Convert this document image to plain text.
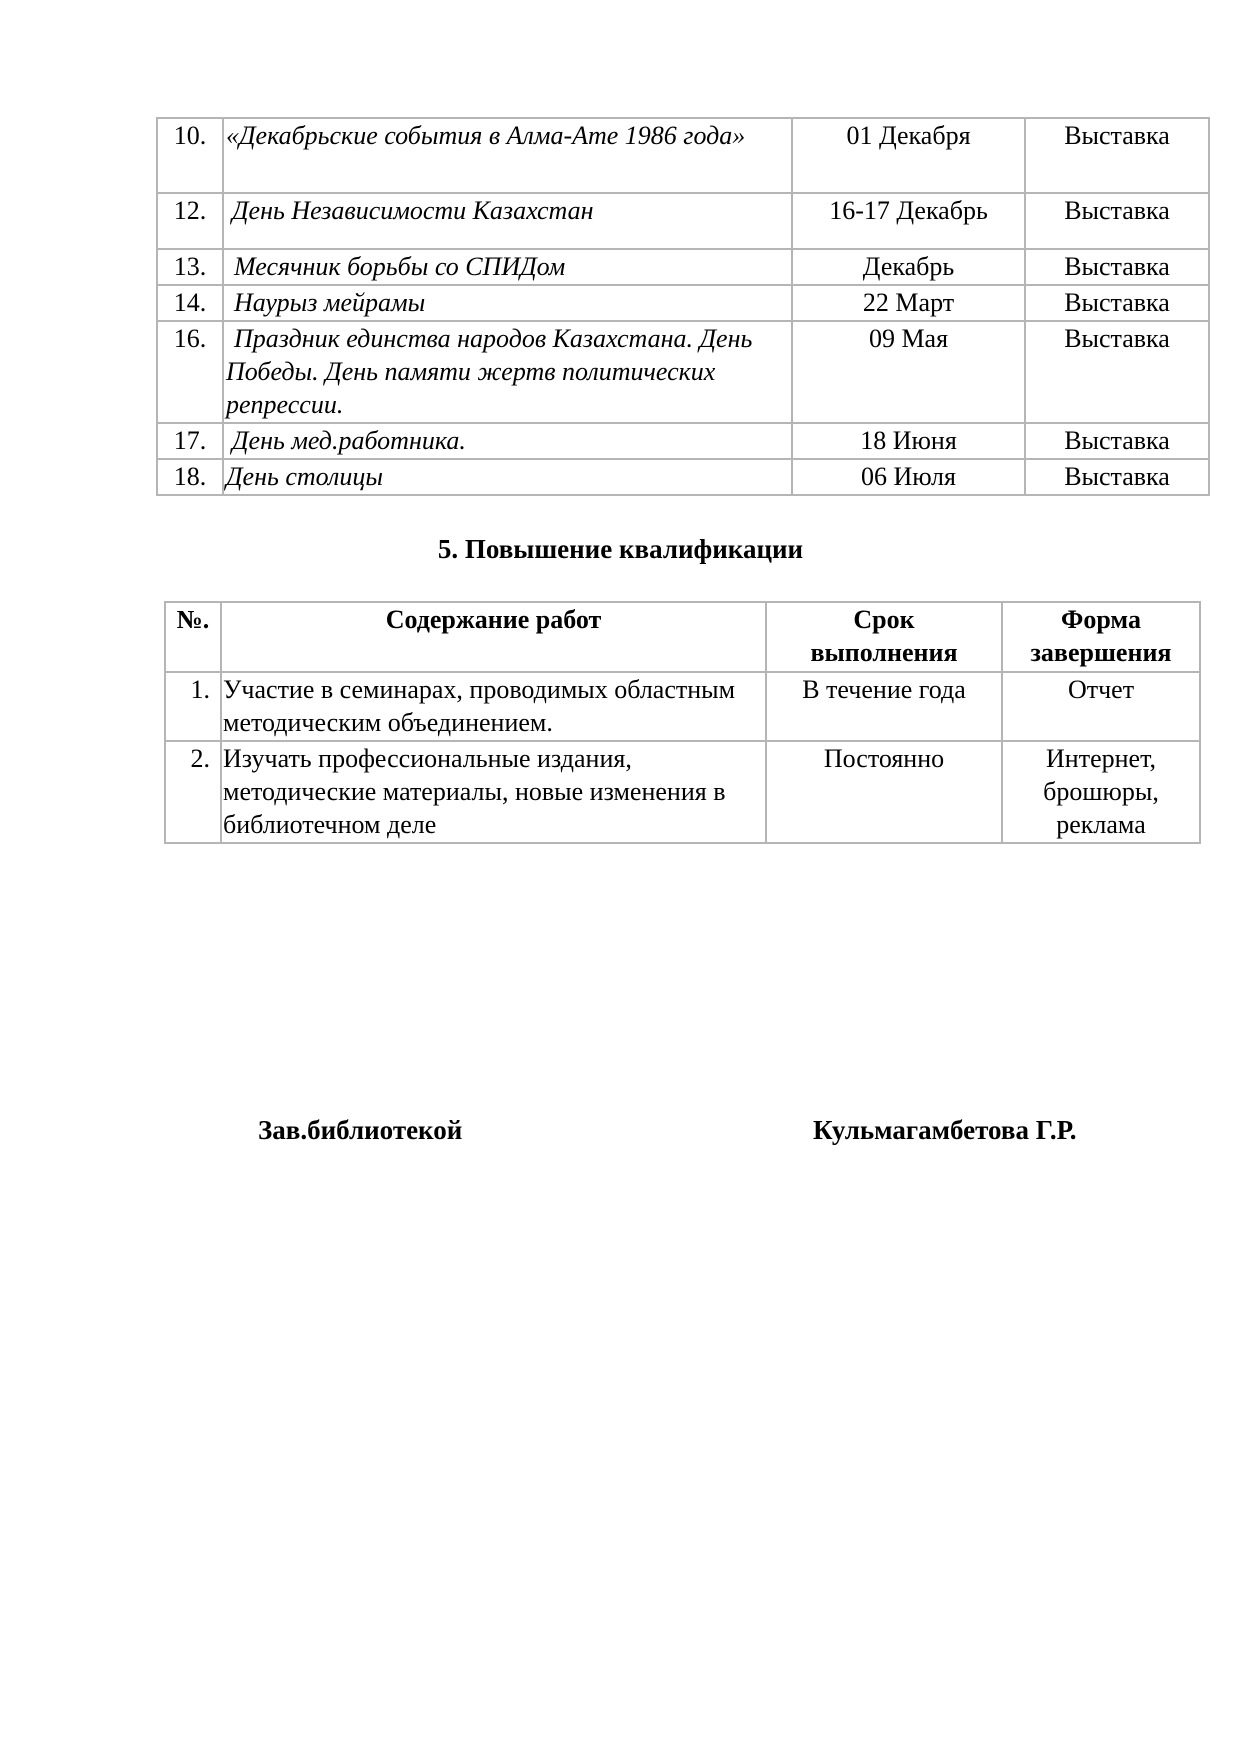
10.	«Декабрьские события в Алма-Ате 1986 года»	01 Декабря	Выставка
12.	День Независимости Казахстан	16-17 Декабрь	Выставка
13.	Месячник борьбы со СПИДом	Декабрь	Выставка
14.	Наурыз мейрамы	22 Март	Выставка
16.	Праздник единства народов Казахстана. День Победы. День памяти жертв политических репрессии.	09 Мая	Выставка
17.	День мед.работника.	18 Июня	Выставка
18.	День столицы	06 Июля	Выставка
5. Повышение квалификации
№.	Содержание работ	Срок выполнения	Форма завершения

1.	Участие в семинарах, проводимых областным методическим объединением.	В течение года	Отчет
2.	Изучать профессиональные издания, методические материалы, новые изменения в библиотечном деле	Постоянно	Интернет, брошюры, реклама
Зав.библиотекой	Кульмагамбетова Г.Р.
